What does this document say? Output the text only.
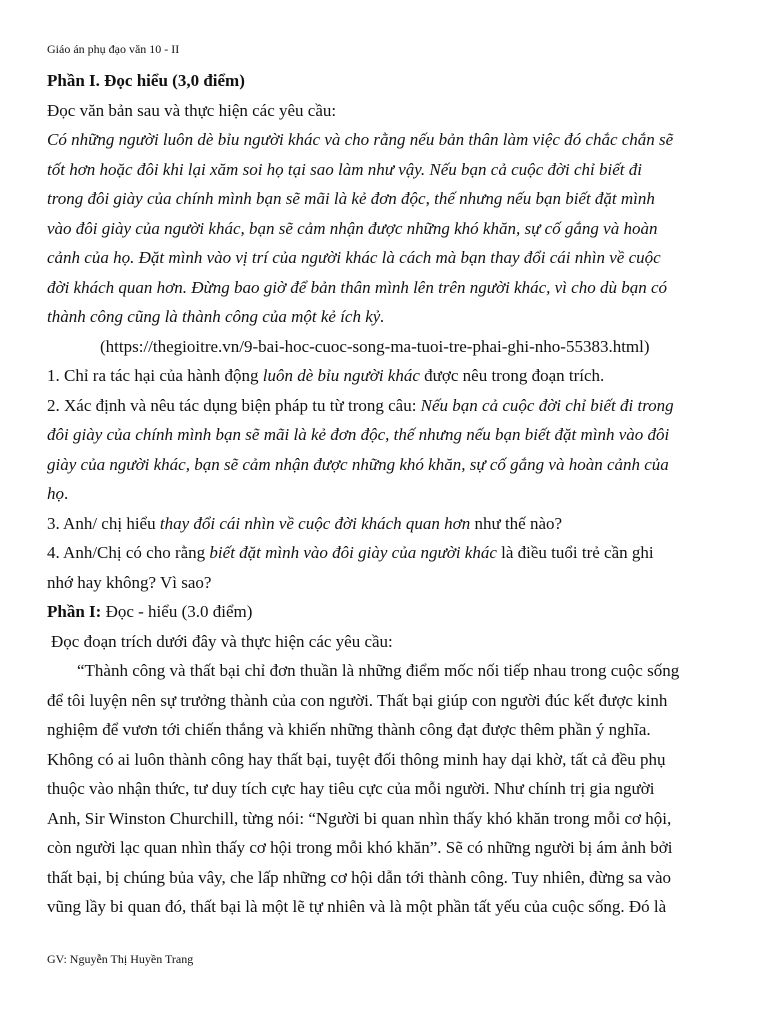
Giáo án phụ đạo văn 10 - II
Phần I. Đọc hiểu (3,0 điểm)
Đọc văn bản sau và thực hiện các yêu cầu:
Có những người luôn dè bỉu người khác và cho rằng nếu bản thân làm việc đó chắc chắn sẽ
tốt hơn hoặc đôi khi lại xăm soi họ tại sao làm như vậy. Nếu bạn cả cuộc đời chỉ biết đi
trong đôi giày của chính mình bạn sẽ mãi là kẻ đơn độc, thế nhưng nếu bạn biết đặt mình
vào đôi giày của người khác, bạn sẽ cảm nhận được những khó khăn, sự cố gắng và hoàn
cảnh của họ. Đặt mình vào vị trí của người khác là cách mà bạn thay đổi cái nhìn về cuộc
đời khách quan hơn. Đừng bao giờ để bản thân mình lên trên người khác, vì cho dù bạn có
thành công cũng là thành công của một kẻ ích kỷ.
(https://thegioitre.vn/9-bai-hoc-cuoc-song-ma-tuoi-tre-phai-ghi-nho-55383.html)
1. Chỉ ra tác hại của hành động luôn dè bỉu người khác được nêu trong đoạn trích.
2. Xác định và nêu tác dụng biện pháp tu từ trong câu: Nếu bạn cả cuộc đời chỉ biết đi trong
đôi giày của chính mình bạn sẽ mãi là kẻ đơn độc, thế nhưng nếu bạn biết đặt mình vào đôi
giày của người khác, bạn sẽ cảm nhận được những khó khăn, sự cố gắng và hoàn cảnh của
họ.
3. Anh/ chị hiểu thay đổi cái nhìn về cuộc đời khách quan hơn như thế nào?
4. Anh/Chị có cho rằng biết đặt mình vào đôi giày của người khác là điều tuổi trẻ cần ghi
nhớ hay không? Vì sao?
Phần I: Đọc - hiểu (3.0 điểm)
Đọc đoạn trích dưới đây và thực hiện các yêu cầu:
“Thành công và thất bại chỉ đơn thuần là những điểm mốc nối tiếp nhau trong cuộc sống
để tôi luyện nên sự trưởng thành của con người. Thất bại giúp con người đúc kết được kinh
nghiệm để vươn tới chiến thắng và khiến những thành công đạt được thêm phần ý nghĩa.
Không có ai luôn thành công hay thất bại, tuyệt đối thông minh hay dại khờ, tất cả đều phụ
thuộc vào nhận thức, tư duy tích cực hay tiêu cực của mỗi người. Như chính trị gia người
Anh, Sir Winston Churchill, từng nói: “Người bi quan nhìn thấy khó khăn trong mỗi cơ hội,
còn người lạc quan nhìn thấy cơ hội trong mỗi khó khăn”. Sẽ có những người bị ám ảnh bởi
thất bại, bị chúng bủa vây, che lấp những cơ hội dẫn tới thành công. Tuy nhiên, đừng sa vào
vũng lầy bi quan đó, thất bại là một lẽ tự nhiên và là một phần tất yếu của cuộc sống. Đó là
GV: Nguyễn Thị Huyền Trang
